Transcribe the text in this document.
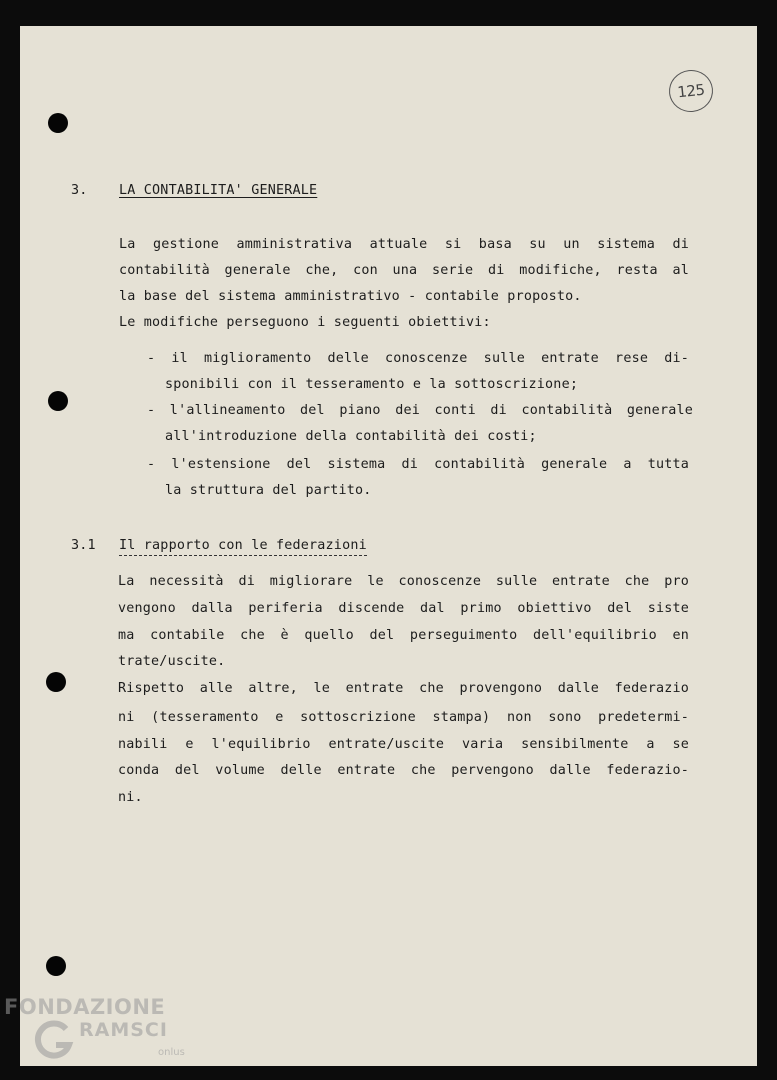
125
3. LA CONTABILITA' GENERALE
La gestione amministrativa attuale si basa su un sistema di
contabilità generale che, con una serie di modifiche, resta al
la base del sistema amministrativo - contabile proposto.
Le modifiche perseguono i seguenti obiettivi:
- il miglioramento delle conoscenze sulle entrate rese di-
sponibili con il tesseramento e la sottoscrizione;
- l'allineamento del piano dei conti di contabilità generale
all'introduzione della contabilità dei costi;
- l'estensione del sistema di contabilità generale a tutta
la struttura del partito.
3.1 Il rapporto con le federazioni
La necessità di migliorare le conoscenze sulle entrate che pro
vengono dalla periferia discende dal primo obiettivo del siste
ma contabile che è quello del perseguimento dell'equilibrio en
trate/uscite.
Rispetto alle altre, le entrate che provengono dalle federazio
ni (tesseramento e sottoscrizione stampa) non sono predetermi-
nabili e l'equilibrio entrate/uscite varia sensibilmente a se
conda del volume delle entrate che pervengono dalle federazio-
ni.
FONDAZIONE
RAMSCI
onlus
